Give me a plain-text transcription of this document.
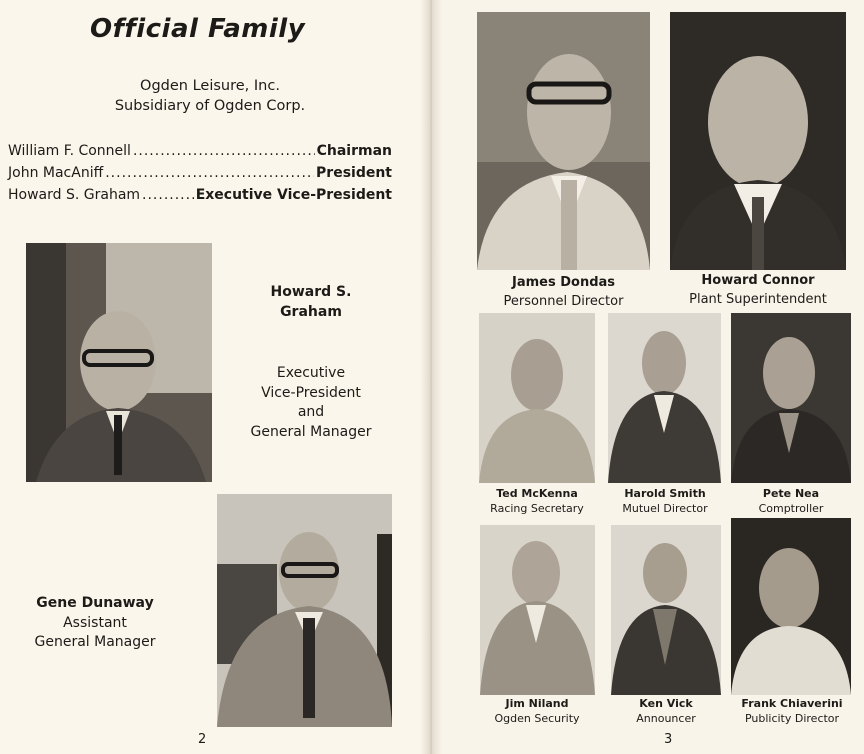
Official Family
Ogden Leisure, Inc.
Subsidiary of Ogden Corp.
William F. Connell .....	Chairman
John MacAniff .....	President
Howard S. Graham .....	Executive Vice-President
Howard S.
Graham
Executive
Vice-President
and
General Manager
Gene Dunaway
Assistant
General Manager
2
James Dondas
Personnel Director
Howard Connor
Plant Superintendent
Ted McKenna
Racing Secretary
Harold Smith
Mutuel Director
Pete Nea
Comptroller
Jim Niland
Ogden Security
Ken Vick
Announcer
Frank Chiaverini
Publicity Director
3
